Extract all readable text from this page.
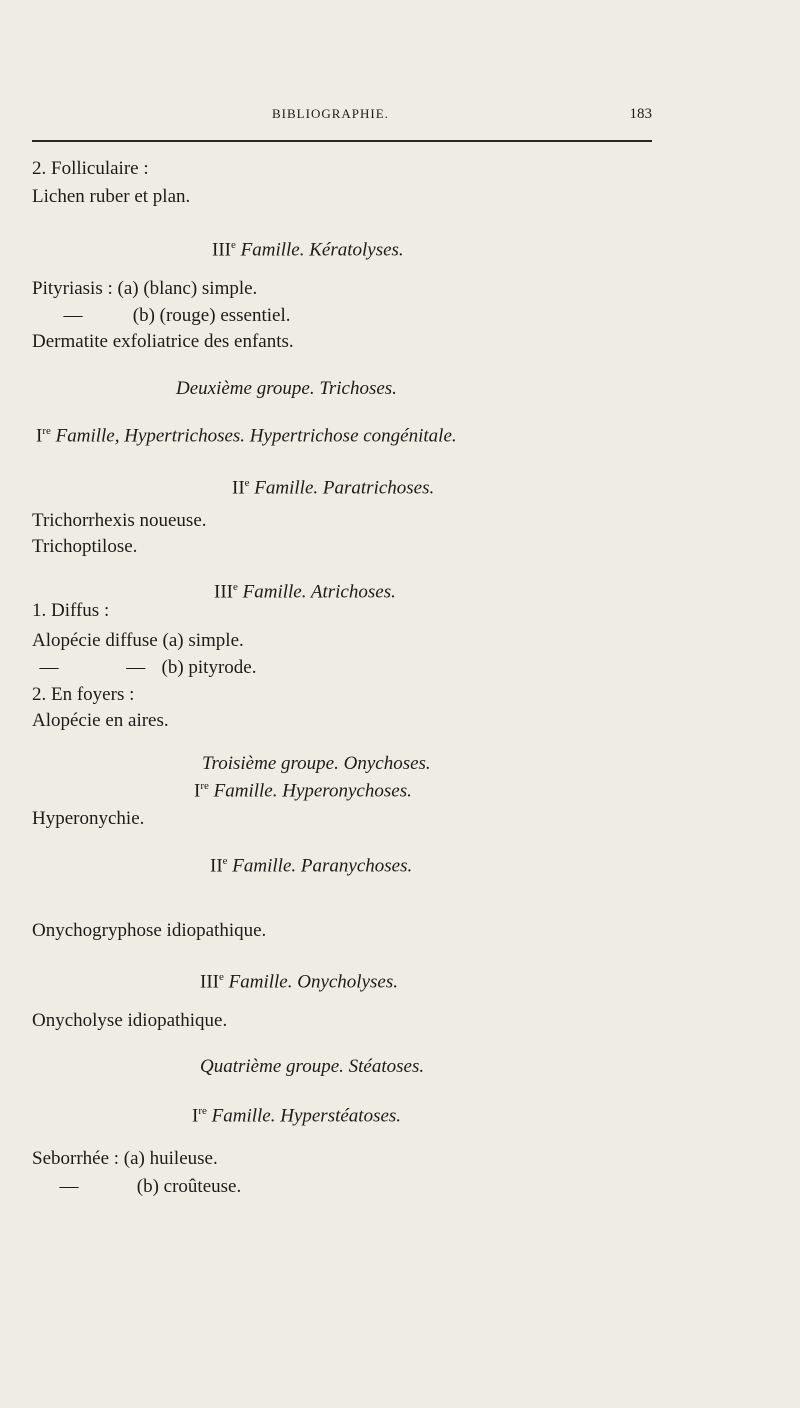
BIBLIOGRAPHIE.	183
2. Folliculaire :
Lichen ruber et plan.
IIIe Famille. Kératolyses.
Pityriasis : (a) (blanc) simple.
—	(b) (rouge) essentiel.
Dermatite exfoliatrice des enfants.
Deuxième groupe. Trichoses.
Ire Famille, Hypertrichoses. Hypertrichose congénitale.
IIe Famille. Paratrichoses.
Trichorrhexis noueuse.
Trichoptilose.
IIIe Famille. Atrichoses.
1. Diffus :
Alopécie diffuse (a) simple.
—	— (b) pityrode.
2. En foyers :
Alopécie en aires.
Troisième groupe. Onychoses.
Ire Famille. Hyperonychoses.
Hyperonychie.
IIe Famille. Paranychoses.
Onychogryphose idiopathique.
IIIe Famille. Onycholyses.
Onycholyse idiopathique.
Quatrième groupe. Stéatoses.
Ire Famille. Hyperstéatoses.
Seborrhée : (a) huileuse.
—	(b) croûteuse.
